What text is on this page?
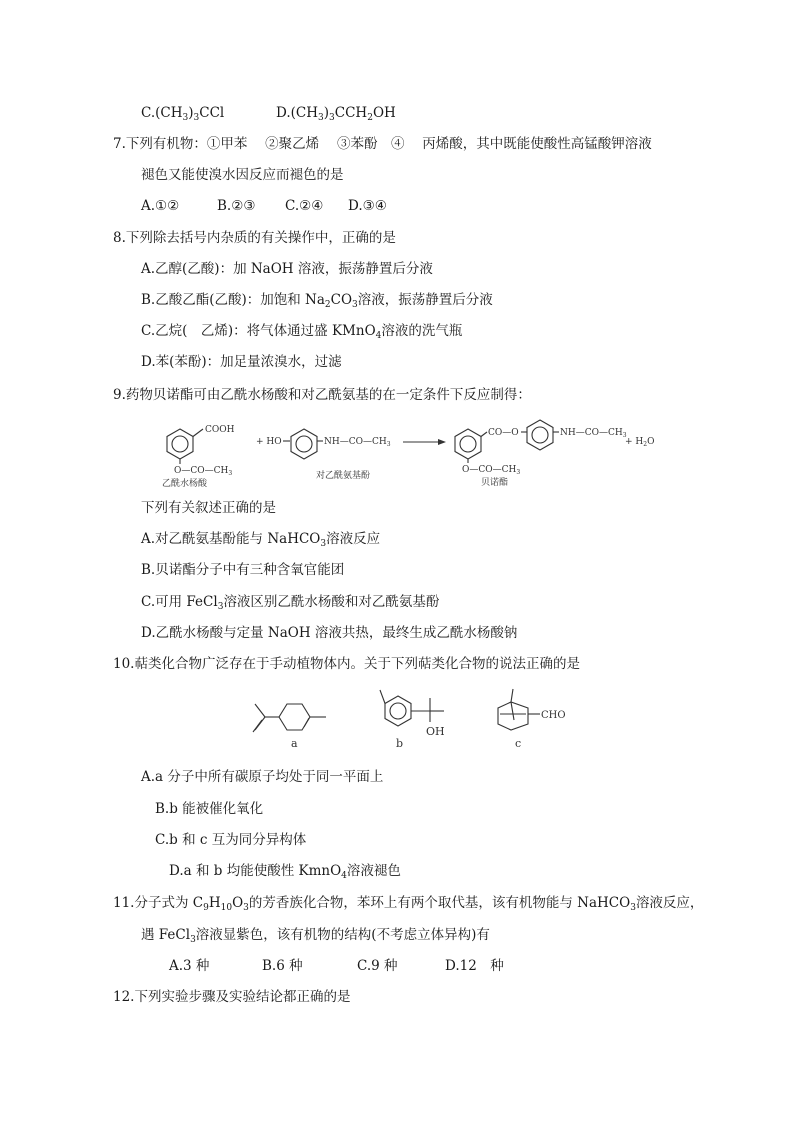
$C.(CH_3)_3CCl$	$D.(CH_3)_3CCH_2OH$
7.下列有机物：①甲苯　 ②聚乙烯　 ③苯酚　④　 丙烯酸，其中既能使酸性高锰酸钾溶液
褪色又能使溴水因反应而褪色的是
A.①②	B.②③ C.②④ D.③④
8.下列除去括号内杂质的有关操作中，正确的是
A.乙醇(乙酸)：加 NaOH 溶液，振荡静置后分液
B.乙酸乙酯(乙酸)：加饱和 $Na_2CO_3$溶液，振荡静置后分液
C.乙烷(　乙烯)：将气体通过盛 KMnO$_4$溶液的洗气瓶
D.苯(苯酚)：加足量浓溴水，过滤
9.药物贝诺酯可由乙酰水杨酸和对乙酰氨基的在一定条件下反应制得：
COOH
$O—CO—CH_3$
乙酰水杨酸
+ HO	$NH—CO—CH_3$
对乙酰氨基酚
CO—O	$NH—CO—CH_3$
$O—CO—CH_3$
贝诺酯
+ $H_2O$
下列有关叙述正确的是
A.对乙酰氨基酚能与 NaHCO$_3$溶液反应
B.贝诺酯分子中有三种含氧官能团
C.可用 FeCl$_3$溶液区别乙酰水杨酸和对乙酰氨基酚
D.乙酰水杨酸与定量 NaOH 溶液共热，最终生成乙酰水杨酸钠
10.萜类化合物广泛存在于手动植物体内。关于下列萜类化合物的说法正确的是
a
OH
b
CHO
c
A.a 分子中所有碳原子均处于同一平面上
B.b 能被催化氧化
C.b 和 c 互为同分异构体
D.a 和 b 均能使酸性 KmnO$_4$溶液褪色
11.分子式为 $C_9H_{10}O_3$的芳香族化合物，苯环上有两个取代基，该有机物能与 NaHCO$_3$溶液反应，
遇 FeCl$_3$溶液显紫色，该有机物的结构(不考虑立体异构)有
A.3 种	B.6 种	C.9 种	D.12　种
12.下列实验步骤及实验结论都正确的是
